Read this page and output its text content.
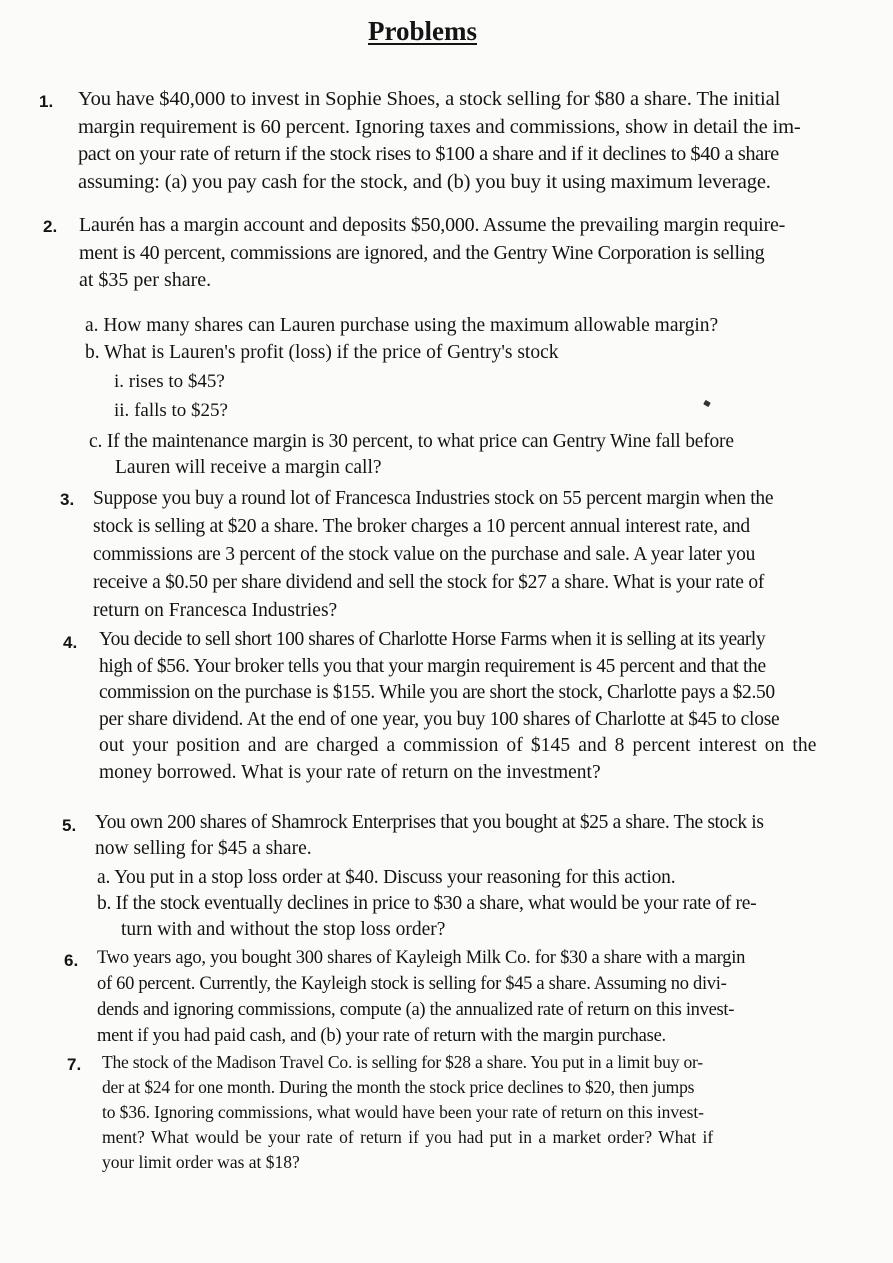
Problems
1. You have $40,000 to invest in Sophie Shoes, a stock selling for $80 a share. The initial
margin requirement is 60 percent. Ignoring taxes and commissions, show in detail the im-
pact on your rate of return if the stock rises to $100 a share and if it declines to $40 a share
assuming: (a) you pay cash for the stock, and (b) you buy it using maximum leverage.
2. Laurén has a margin account and deposits $50,000. Assume the prevailing margin require-
ment is 40 percent, commissions are ignored, and the Gentry Wine Corporation is selling
at $35 per share.
a. How many shares can Lauren purchase using the maximum allowable margin?
b. What is Lauren's profit (loss) if the price of Gentry's stock
i. rises to $45?
ii. falls to $25?
c. If the maintenance margin is 30 percent, to what price can Gentry Wine fall before
Lauren will receive a margin call?
3. Suppose you buy a round lot of Francesca Industries stock on 55 percent margin when the
stock is selling at $20 a share. The broker charges a 10 percent annual interest rate, and
commissions are 3 percent of the stock value on the purchase and sale. A year later you
receive a $0.50 per share dividend and sell the stock for $27 a share. What is your rate of
return on Francesca Industries?
4. You decide to sell short 100 shares of Charlotte Horse Farms when it is selling at its yearly
high of $56. Your broker tells you that your margin requirement is 45 percent and that the
commission on the purchase is $155. While you are short the stock, Charlotte pays a $2.50
per share dividend. At the end of one year, you buy 100 shares of Charlotte at $45 to close
out your position and are charged a commission of $145 and 8 percent interest on the
money borrowed. What is your rate of return on the investment?
5. You own 200 shares of Shamrock Enterprises that you bought at $25 a share. The stock is
now selling for $45 a share.
a. You put in a stop loss order at $40. Discuss your reasoning for this action.
b. If the stock eventually declines in price to $30 a share, what would be your rate of re-
turn with and without the stop loss order?
6. Two years ago, you bought 300 shares of Kayleigh Milk Co. for $30 a share with a margin
of 60 percent. Currently, the Kayleigh stock is selling for $45 a share. Assuming no divi-
dends and ignoring commissions, compute (a) the annualized rate of return on this invest-
ment if you had paid cash, and (b) your rate of return with the margin purchase.
7. The stock of the Madison Travel Co. is selling for $28 a share. You put in a limit buy or-
der at $24 for one month. During the month the stock price declines to $20, then jumps
to $36. Ignoring commissions, what would have been your rate of return on this invest-
ment? What would be your rate of return if you had put in a market order? What if
your limit order was at $18?
